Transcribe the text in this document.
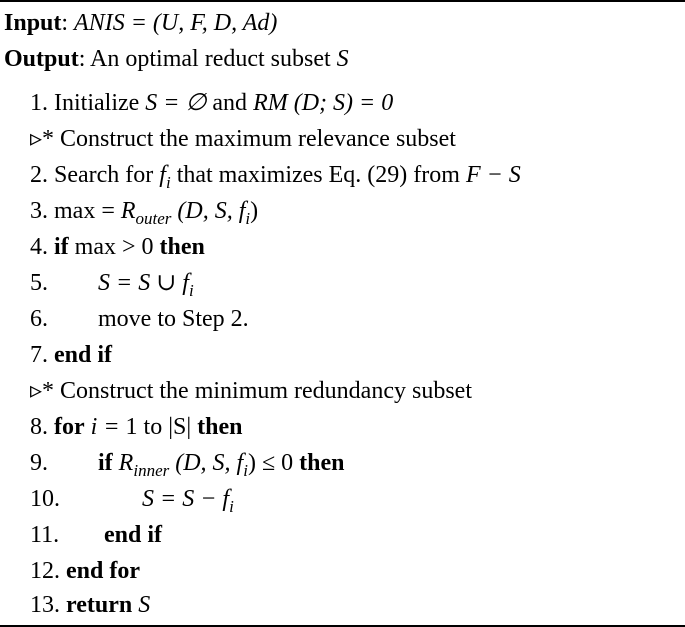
Input: ANIS = (U, F, D, Ad)
Output: An optimal reduct subset S
1. Initialize S = ∅ and RM (D; S) = 0
▹* Construct the maximum relevance subset
2. Search for $f_i$ that maximizes Eq. (29) from F − S
3. $\max = R_{outer}$ (D, S, $f_i$)
4. if max > 0 then
5. S = S ∪ $f_i$
6. move to Step 2.
7. end if
▹* Construct the minimum redundancy subset
8. for i = 1 to |S| then
9. if $R_{inner}$ (D, S, $f_i) \le 0$ then
10.	$S = S - f_i$
11. end if
12. end for
13. return S
